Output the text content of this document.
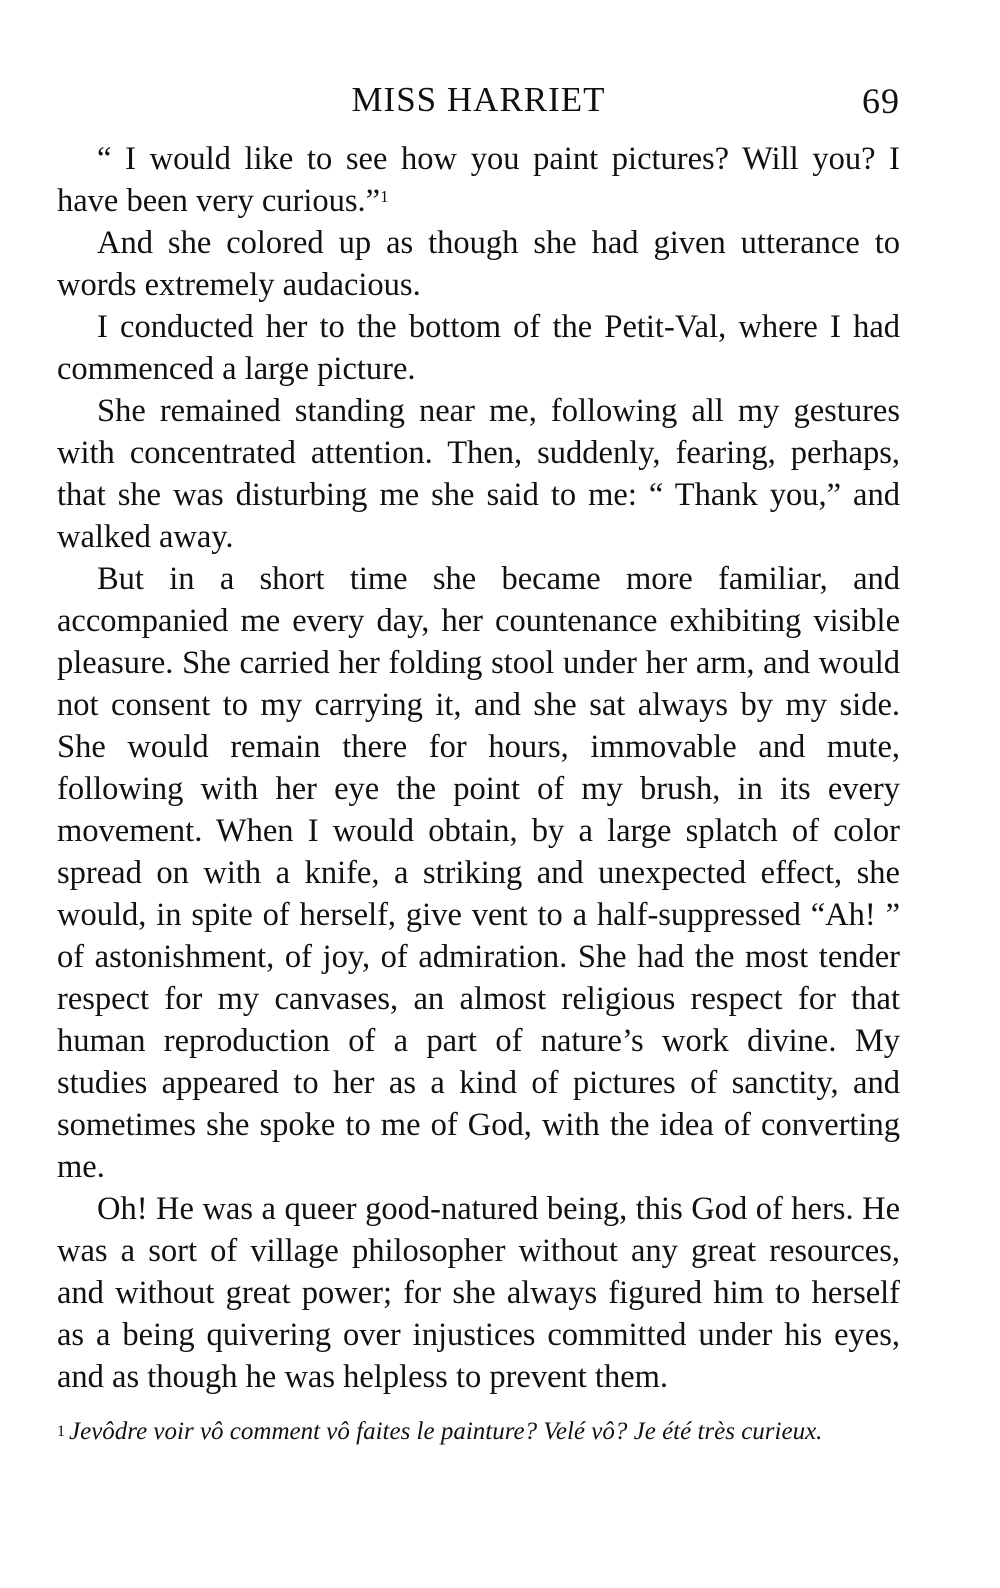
MISS HARRIET	69

“ I would like to see how you paint pictures? Will you? I have been very curious.”$^1$

And she colored up as though she had given utterance to words extremely audacious.

I conducted her to the bottom of the Petit-Val, where I had commenced a large picture.

She remained standing near me, following all my gestures with concentrated attention. Then, suddenly, fearing, perhaps, that she was disturbing me she said to me: “ Thank you,” and walked away.

But in a short time she became more familiar, and accompanied me every day, her countenance exhibiting visible pleasure. She carried her folding stool under her arm, and would not consent to my carrying it, and she sat always by my side. She would remain there for hours, immovable and mute, following with her eye the point of my brush, in its every movement. When I would obtain, by a large splatch of color spread on with a knife, a striking and unexpected effect, she would, in spite of herself, give vent to a half-suppressed “Ah! ” of astonishment, of joy, of admiration. She had the most tender respect for my canvases, an almost religious respect for that human reproduction of a part of nature’s work divine. My studies appeared to her as a kind of pictures of sanctity, and sometimes she spoke to me of God, with the idea of converting me.

Oh! He was a queer good-natured being, this God of hers. He was a sort of village philosopher without any great resources, and without great power; for she always figured him to herself as a being quivering over injustices committed under his eyes, and as though he was helpless to prevent them.

$^1$ Jevôdre voir vô comment vô faites le painture? Velé vô? Je été très curieux.
